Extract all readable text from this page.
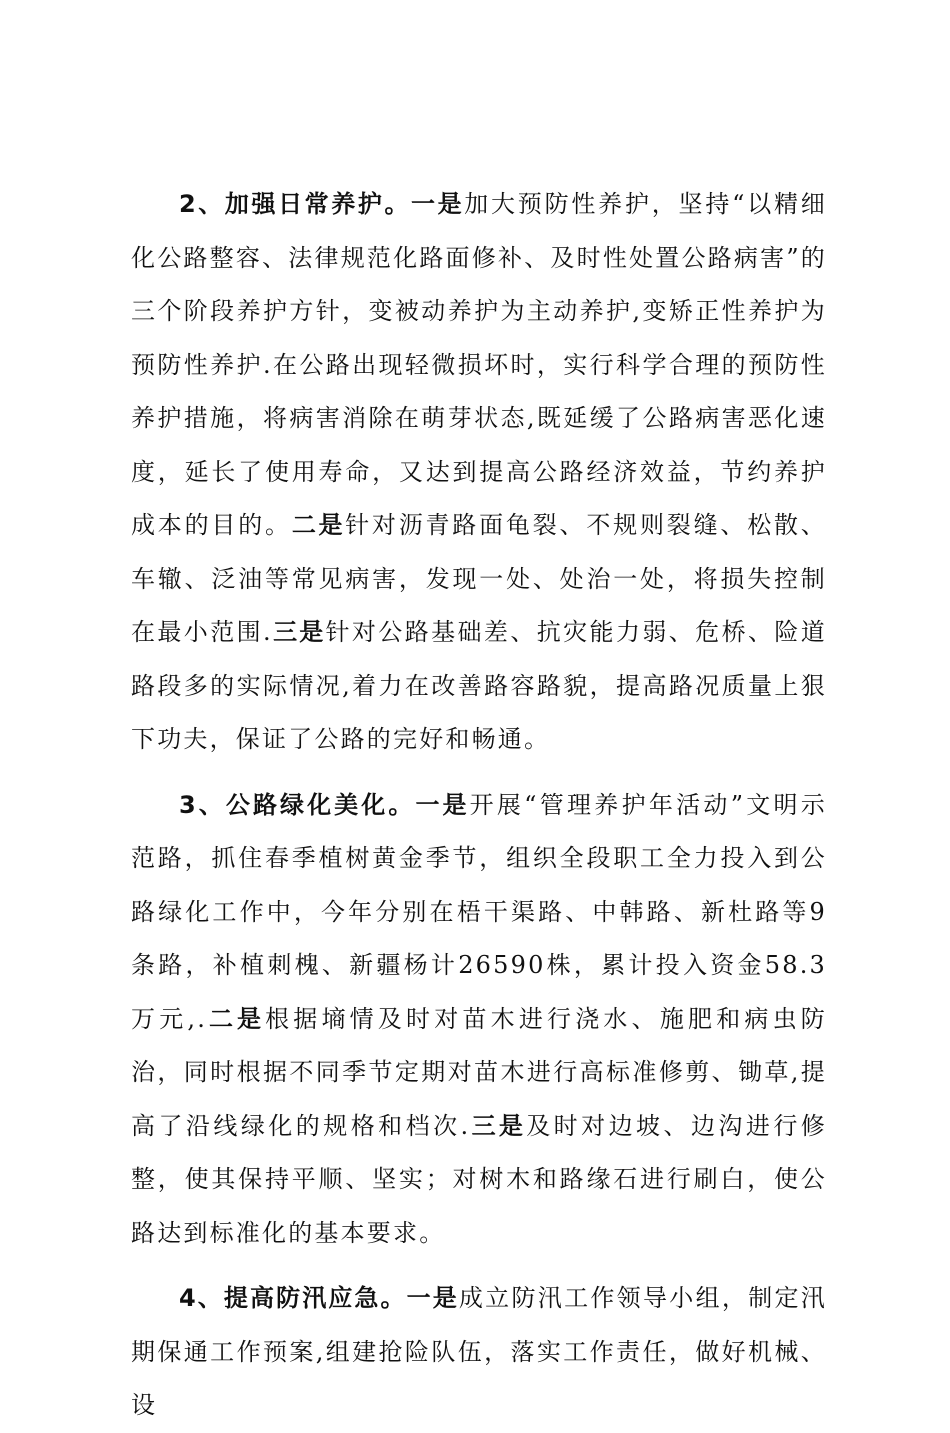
2、加强日常养护。一是加大预防性养护，坚持“以精细化公路整容、法律规范化路面修补、及时性处置公路病害”的三个阶段养护方针，变被动养护为主动养护,变矫正性养护为预防性养护.在公路出现轻微损坏时，实行科学合理的预防性养护措施，将病害消除在萌芽状态,既延缓了公路病害恶化速度，延长了使用寿命，又达到提高公路经济效益，节约养护成本的目的。二是针对沥青路面龟裂、不规则裂缝、松散、车辙、泛油等常见病害，发现一处、处治一处，将损失控制在最小范围.三是针对公路基础差、抗灾能力弱、危桥、险道路段多的实际情况,着力在改善路容路貌，提高路况质量上狠下功夫，保证了公路的完好和畅通。

3、公路绿化美化。一是开展“管理养护年活动”文明示范路，抓住春季植树黄金季节，组织全段职工全力投入到公路绿化工作中，今年分别在梧干渠路、中韩路、新杜路等9条路，补植刺槐、新疆杨计26590株，累计投入资金58.3万元,.二是根据墒情及时对苗木进行浇水、施肥和病虫防治，同时根据不同季节定期对苗木进行高标准修剪、锄草,提高了沿线绿化的规格和档次.三是及时对边坡、边沟进行修整，使其保持平顺、坚实；对树木和路缘石进行刷白，使公路达到标准化的基本要求。

4、提高防汛应急。一是成立防汛工作领导小组，制定汛期保通工作预案,组建抢险队伍，落实工作责任，做好机械、设
